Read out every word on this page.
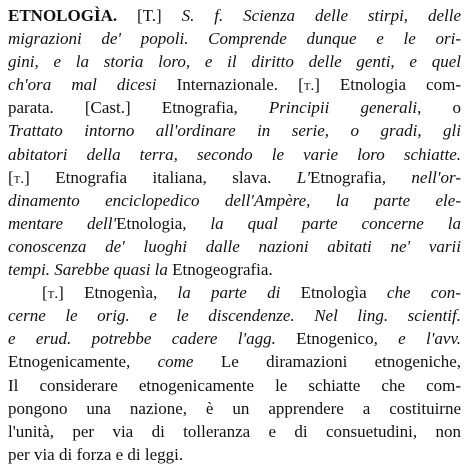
ETNOLOGÌA. [T.] S. f. Scienza delle stirpi, delle
migrazioni de' popoli. Comprende dunque e le ori-
gini, e la storia loro, e il diritto delle genti, e quel
ch'ora mal dicesi Internazionale. [t.] Etnologia com-
parata. [Cast.] Etnografia, Principii generali, o
Trattato intorno all'ordinare in serie, o gradi, gli
abitatori della terra, secondo le varie loro schiatte.
[t.] Etnografia italiana, slava. L'Etnografia, nell'or-
dinamento enciclopedico dell'Ampère, la parte ele-
mentare dell'Etnologia, la qual parte concerne la
conoscenza de' luoghi dalle nazioni abitati ne' varii
tempi. Sarebbe quasi la Etnogeografia.
[t.] Etnogenìa, la parte di Etnologìa che con-
cerne le orig. e le discendenze. Nel ling. scientif.
e erud. potrebbe cadere l'agg. Etnogenico, e l'avv.
Etnogenicamente, come Le diramazioni etnogeniche,
Il considerare etnogenicamente le schiatte che com-
pongono una nazione, è un apprendere a costituirne
l'unità, per via di tolleranza e di consuetudini, non
per via di forza e di leggi.
